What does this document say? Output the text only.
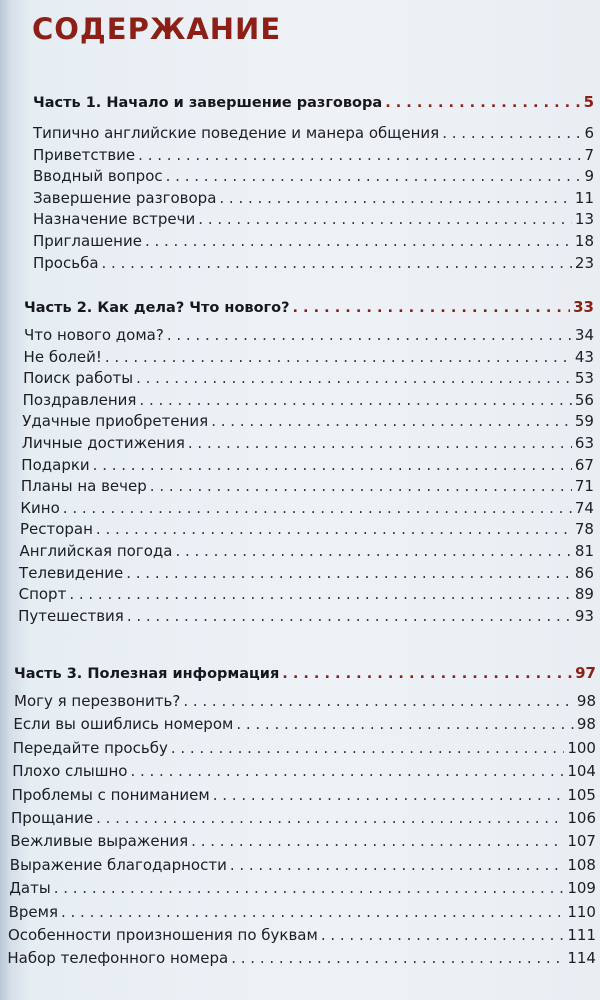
СОДЕРЖАНИЕ
Часть 1. Начало и завершение разговора . . .	5
Типично английские поведение и манера общения . . .	6
Приветствие . . .	7
Вводный вопрос . . .	9
Завершение разговора . . .	11
Назначение встречи . . .	13
Приглашение . . .	18
Просьба . . .	23
Часть 2. Как дела? Что нового? . . .	33
Что нового дома? . . .	34
Не болей! . . .	43
Поиск работы . . .	53
Поздравления . . .	56
Удачные приобретения . . .	59
Личные достижения . . .	63
Подарки . . .	67
Планы на вечер . . .	71
Кино . . .	74
Ресторан . . .	78
Английская погода . . .	81
Телевидение . . .	86
Спорт . . .	89
Путешествия . . .	93
Часть 3. Полезная информация . . .	97
Могу я перезвонить? . . .	98
Если вы ошиблись номером . . .	98
Передайте просьбу . . .	100
Плохо слышно . . .	104
Проблемы с пониманием . . .	105
Прощание . . .	106
Вежливые выражения . . .	107
Выражение благодарности . . .	108
Даты . . .	109
Время . . .	110
Особенности произношения по буквам . . .	111
Набор телефонного номера . . .	114
